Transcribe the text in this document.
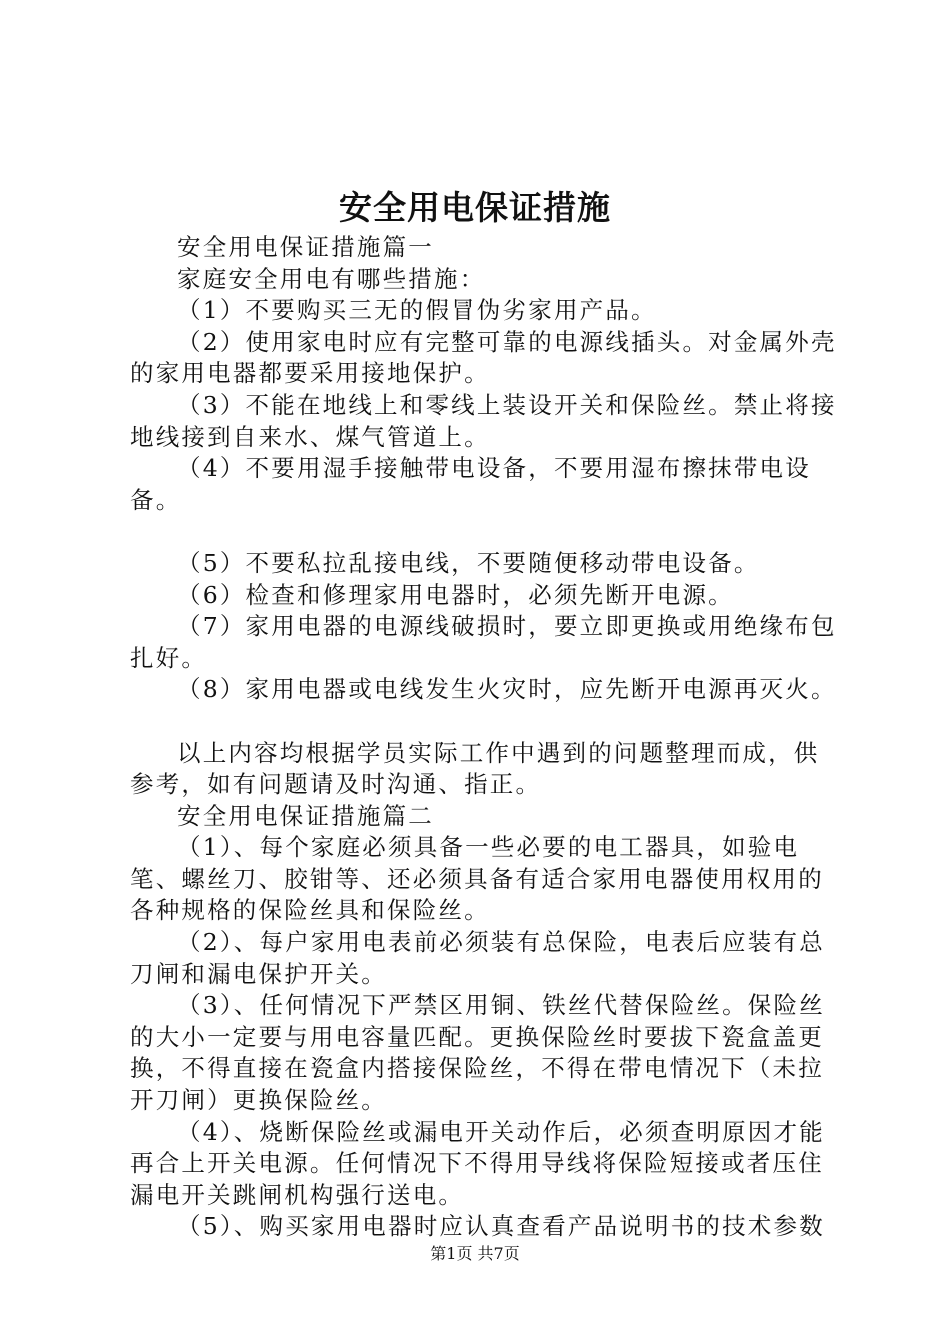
安全用电保证措施

安全用电保证措施篇一

家庭安全用电有哪些措施：

（1）不要购买三无的假冒伪劣家用产品。

（2）使用家电时应有完整可靠的电源线插头。对金属外壳的家用电器都要采用接地保护。

（3）不能在地线上和零线上装设开关和保险丝。禁止将接地线接到自来水、煤气管道上。

（4）不要用湿手接触带电设备，不要用湿布擦抹带电设备。

（5）不要私拉乱接电线，不要随便移动带电设备。

（6）检查和修理家用电器时，必须先断开电源。

（7）家用电器的电源线破损时，要立即更换或用绝缘布包扎好。

（8）家用电器或电线发生火灾时，应先断开电源再灭火。

以上内容均根据学员实际工作中遇到的问题整理而成，供参考，如有问题请及时沟通、指正。

安全用电保证措施篇二

（1）、每个家庭必须具备一些必要的电工器具，如验电笔、螺丝刀、胶钳等、还必须具备有适合家用电器使用权用的各种规格的保险丝具和保险丝。

（2）、每户家用电表前必须装有总保险，电表后应装有总刀闸和漏电保护开关。

（3）、任何情况下严禁区用铜、铁丝代替保险丝。保险丝的大小一定要与用电容量匹配。更换保险丝时要拔下瓷盒盖更换，不得直接在瓷盒内搭接保险丝，不得在带电情况下（未拉开刀闸）更换保险丝。

（4）、烧断保险丝或漏电开关动作后，必须查明原因才能再合上开关电源。任何情况下不得用导线将保险短接或者压住漏电开关跳闸机构强行送电。

（5）、购买家用电器时应认真查看产品说明书的技术参数

第1页 共7页
